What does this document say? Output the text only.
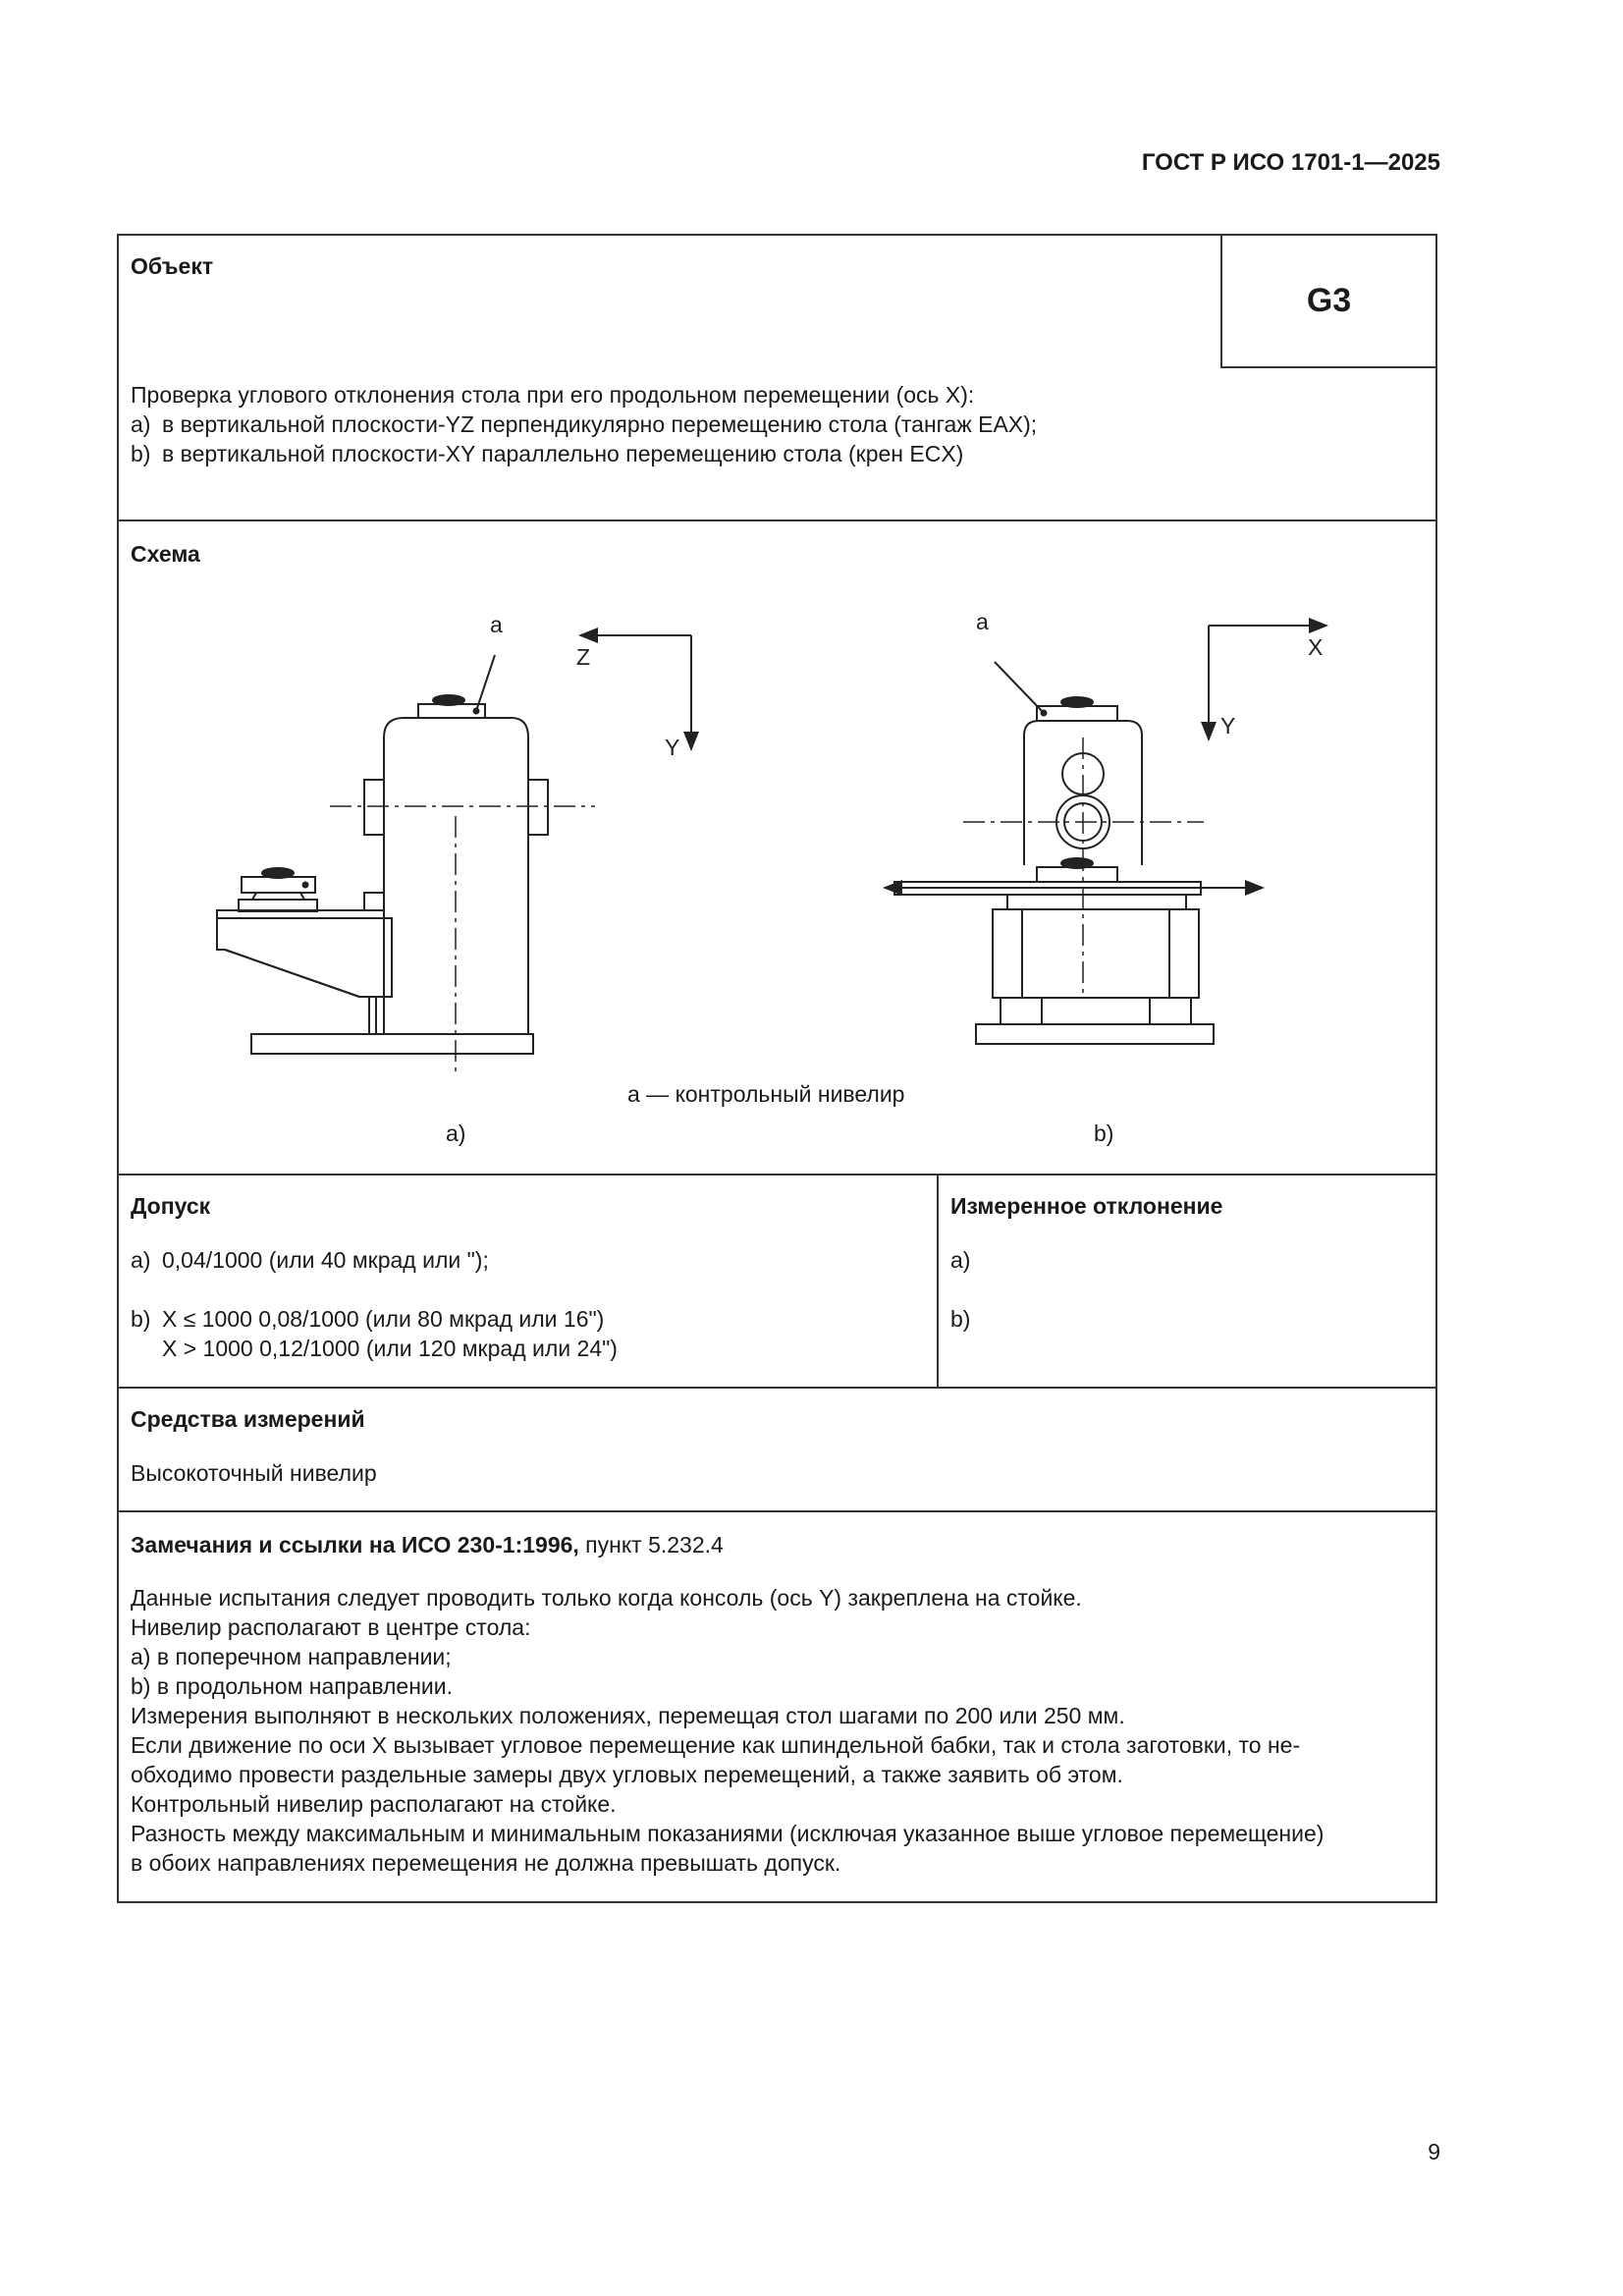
ГОСТ Р ИСО 1701-1—2025
Объект
G3
Проверка углового отклонения стола при его продольном перемещении (ось X):
a) в вертикальной плоскости-YZ перпендикулярно перемещению стола (тангаж EAX);
b) в вертикальной плоскости-XY параллельно перемещению стола (крен ECX)
Схема
a
Z
Y
a
X
Y
a — контрольный нивелир
a)	b)
Допуск
a) 0,04/1000 (или 40 мкрад или ");
b) X ≤ 1000 0,08/1000 (или 80 мкрад или 16")
X > 1000 0,12/1000 (или 120 мкрад или 24")
Измеренное отклонение
a)
b)
Средства измерений
Высокоточный нивелир
Замечания и ссылки на ИСО 230-1:1996, пункт 5.232.4
Данные испытания следует проводить только когда консоль (ось Y) закреплена на стойке.
Нивелир располагают в центре стола:
a) в поперечном направлении;
b) в продольном направлении.
Измерения выполняют в нескольких положениях, перемещая стол шагами по 200 или 250 мм.
Если движение по оси X вызывает угловое перемещение как шпиндельной бабки, так и стола заготовки, то не-
обходимо провести раздельные замеры двух угловых перемещений, а также заявить об этом.
Контрольный нивелир располагают на стойке.
Разность между максимальным и минимальным показаниями (исключая указанное выше угловое перемещение)
в обоих направлениях перемещения не должна превышать допуск.
9
